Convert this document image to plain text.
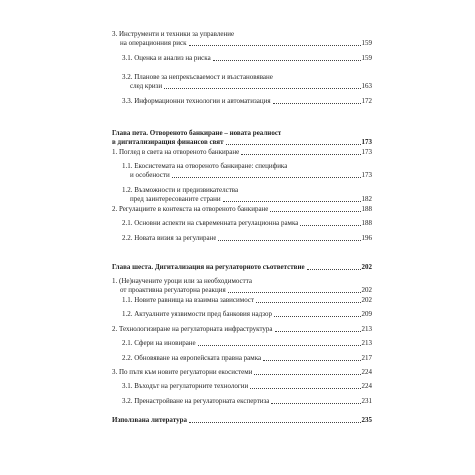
3. Инструменти и техники за управление
на операционния риск	159
3.1. Оценка и анализ на риска	159
3.2. Планове за непрекъсваемост и възстановяване
след кризи	163
3.3. Информационни технологии и автоматизация	172
Глава пета. Отвореното банкиране – новата реалност
в дигитализиращия финансов свят	173
1. Поглед в света на отвореното банкиране	173
1.1. Екосистемата на отвореното банкиране: специфика
и особености	173
1.2. Възможности и предизвикателства
пред заинтересованите страни	182
2. Регулациите в контекста на отвореното банкиране	188
2.1. Основни аспекти на съвременната регулационна рамка	188
2.2. Новата визия за регулиране	196
Глава шеста. Дигитализация на регулаторното съответствие	202
1. (Не)научените уроци или за необходимостта
от проактивна регулаторна реакция	202
1.1. Новите равнища на взаимна зависимост	202
1.2. Актуалните уязвимости пред банковия надзор	209
2. Технологизиране на регулаторната инфраструктура	213
2.1. Сфери на иновиране	213
2.2. Обновяване на европейската правна рамка	217
3. По пътя към новите регулаторни екосистеми	224
3.1. Въходът на регулаторните технологии	224
3.2. Пренастройване на регулаторната експертиза	231
Използвана литература	235
